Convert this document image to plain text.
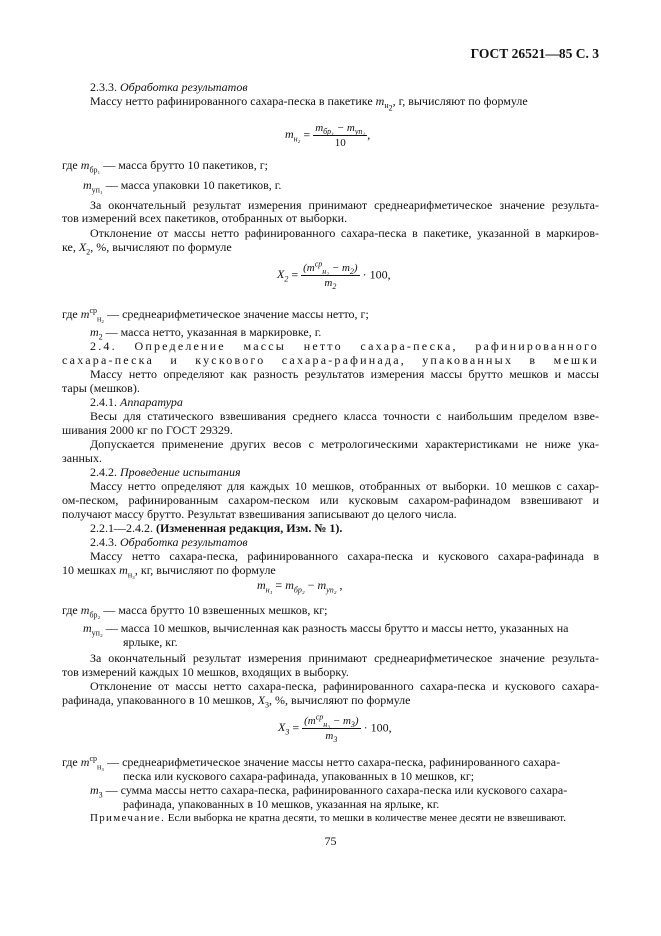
ГОСТ 26521—85 С. 3
2.3.3. Обработка результатов
Массу нетто рафинированного сахара-песка в пакетике $m_{н_2}$, г, вычисляют по формуле
$m_{н_2} = \frac{m_{бр_1} - m_{уп_1}}{10}$ ,
где $m_{бр_1}$ — масса брутто 10 пакетиков, г;
$m_{уп_1}$ — масса упаковки 10 пакетиков, г.
За окончательный результат измерения принимают среднеарифметическое значение результа-
тов измерений всех пакетиков, отобранных от выборки.
Отклонение от массы нетто рафинированного сахара-песка в пакетике, указанной в маркиров-
ке, $X_2$, %, вычисляют по формуле
$X_2 = \frac{(m^{ср}_{н_2} - m_2)}{m_2} \cdot 100$,
где $m^{ср}_{н_2}$ — среднеарифметическое значение массы нетто, г;
$m_2$ — масса нетто, указанная в маркировке, г.
2.4. Определение массы нетто сахара-песка, рафинированного
сахара-песка и кускового сахара-рафинада, упакованных в мешки
Массу нетто определяют как разность результатов измерения массы брутто мешков и массы
тары (мешков).
2.4.1. Аппаратура
Весы для статического взвешивания среднего класса точности с наибольшим пределом взве-
шивания 2000 кг по ГОСТ 29329.
Допускается применение других весов с метрологическими характеристиками не ниже ука-
занных.
2.4.2. Проведение испытания
Массу нетто определяют для каждых 10 мешков, отобранных от выборки. 10 мешков с сахар-
ом-песком, рафинированным сахаром-песком или кусковым сахаром-рафинадом взвешивают и
получают массу брутто. Результат взвешивания записывают до целого числа.
2.2.1—2.4.2. (Измененная редакция, Изм. № 1).
2.4.3. Обработка результатов
Массу нетто сахара-песка, рафинированного сахара-песка и кускового сахара-рафинада в
10 мешках $m_{н_3}$, кг, вычисляют по формуле
$m_{н_3} = m_{бр_2} - m_{уп_2}$ ,
где $m_{бр_2}$ — масса брутто 10 взвешенных мешков, кг;
$m_{уп_2}$ — масса 10 мешков, вычисленная как разность массы брутто и массы нетто, указанных на
ярлыке, кг.
За окончательный результат измерения принимают среднеарифметическое значение результа-
тов измерений каждых 10 мешков, входящих в выборку.
Отклонение от массы нетто сахара-песка, рафинированного сахара-песка и кускового сахара-
рафинада, упакованного в 10 мешков, $X_3$, %, вычисляют по формуле
$X_3 = \frac{(m^{ср}_{н_3} - m_3)}{m_3} \cdot 100$,
где $m^{ср}_{н_3}$ — среднеарифметическое значение массы нетто сахара-песка, рафинированного сахара-
песка или кускового сахара-рафинада, упакованных в 10 мешков, кг;
$m_3$ — сумма массы нетто сахара-песка, рафинированного сахара-песка или кускового сахара-
рафинада, упакованных в 10 мешков, указанная на ярлыке, кг.
Примечание. Если выборка не кратна десяти, то мешки в количестве менее десяти не взвешивают.
75
